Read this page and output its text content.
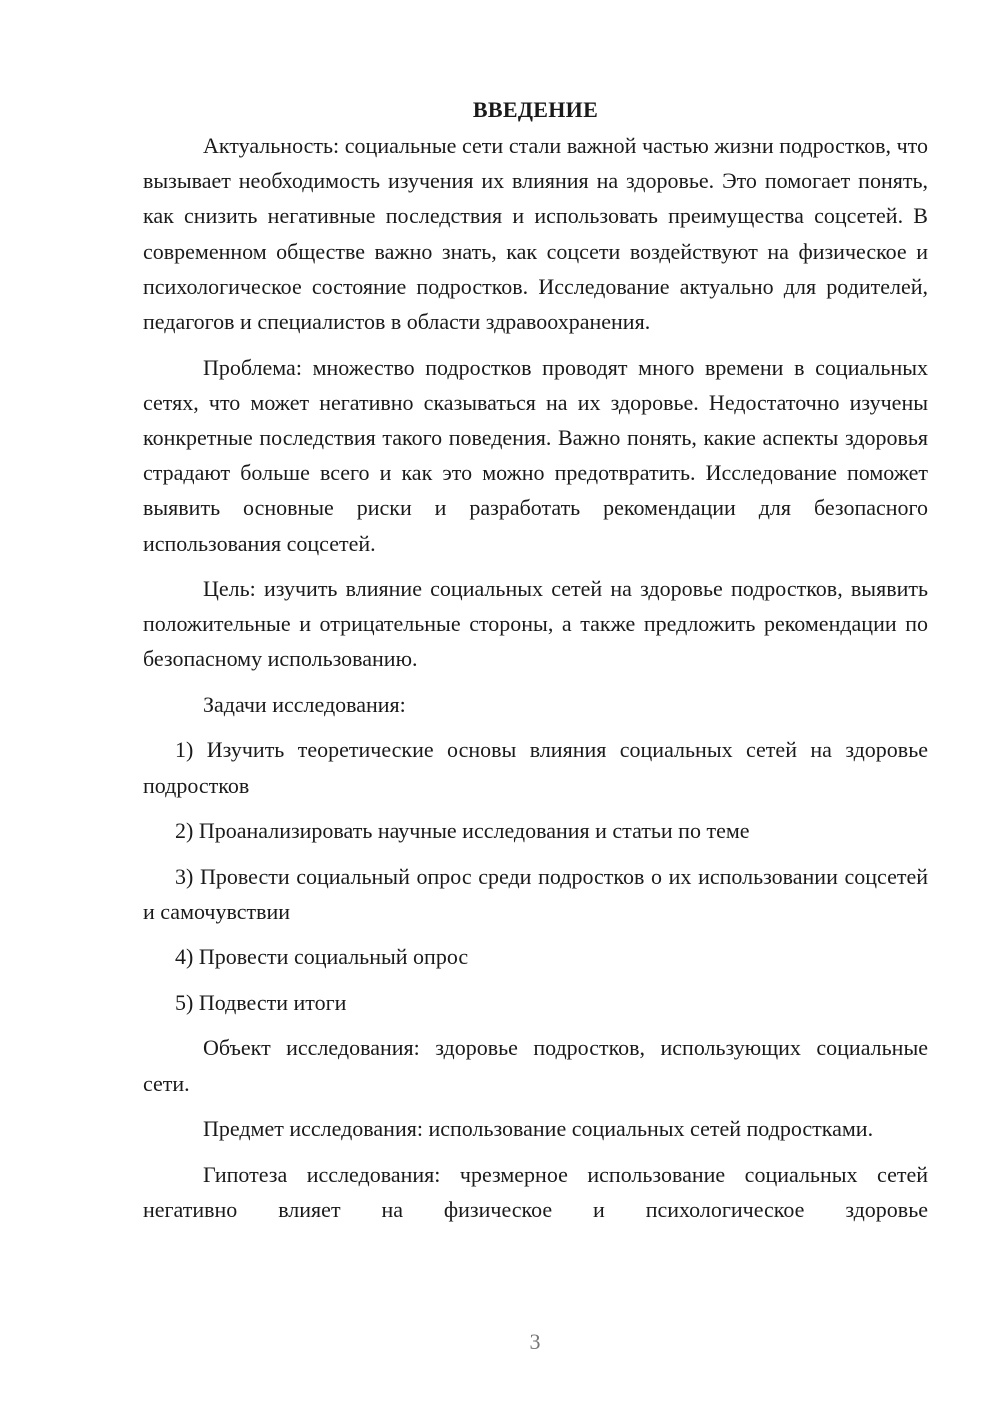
ВВЕДЕНИЕ

Актуальность: социальные сети стали важной частью жизни подростков, что вызывает необходимость изучения их влияния на здоровье. Это помогает понять, как снизить негативные последствия и использовать преимущества соцсетей. В современном обществе важно знать, как соцсети воздействуют на физическое и психологическое состояние подростков. Исследование актуально для родителей, педагогов и специалистов в области здравоохранения.

Проблема: множество подростков проводят много времени в социальных сетях, что может негативно сказываться на их здоровье. Недостаточно изучены конкретные последствия такого поведения. Важно понять, какие аспекты здоровья страдают больше всего и как это можно предотвратить. Исследование поможет выявить основные риски и разработать рекомендации для безопасного использования соцсетей.

Цель: изучить влияние социальных сетей на здоровье подростков, выявить положительные и отрицательные стороны, а также предложить рекомендации по безопасному использованию.

Задачи исследования:

1) Изучить теоретические основы влияния социальных сетей на здоровье подростков

2) Проанализировать научные исследования и статьи по теме

3) Провести социальный опрос среди подростков о их использовании соцсетей и самочувствии

4) Провести социальный опрос

5) Подвести итоги

Объект исследования: здоровье подростков, использующих социальные сети.

Предмет исследования: использование социальных сетей подростками.

Гипотеза исследования: чрезмерное использование социальных сетей негативно влияет на физическое и психологическое здоровье

3
